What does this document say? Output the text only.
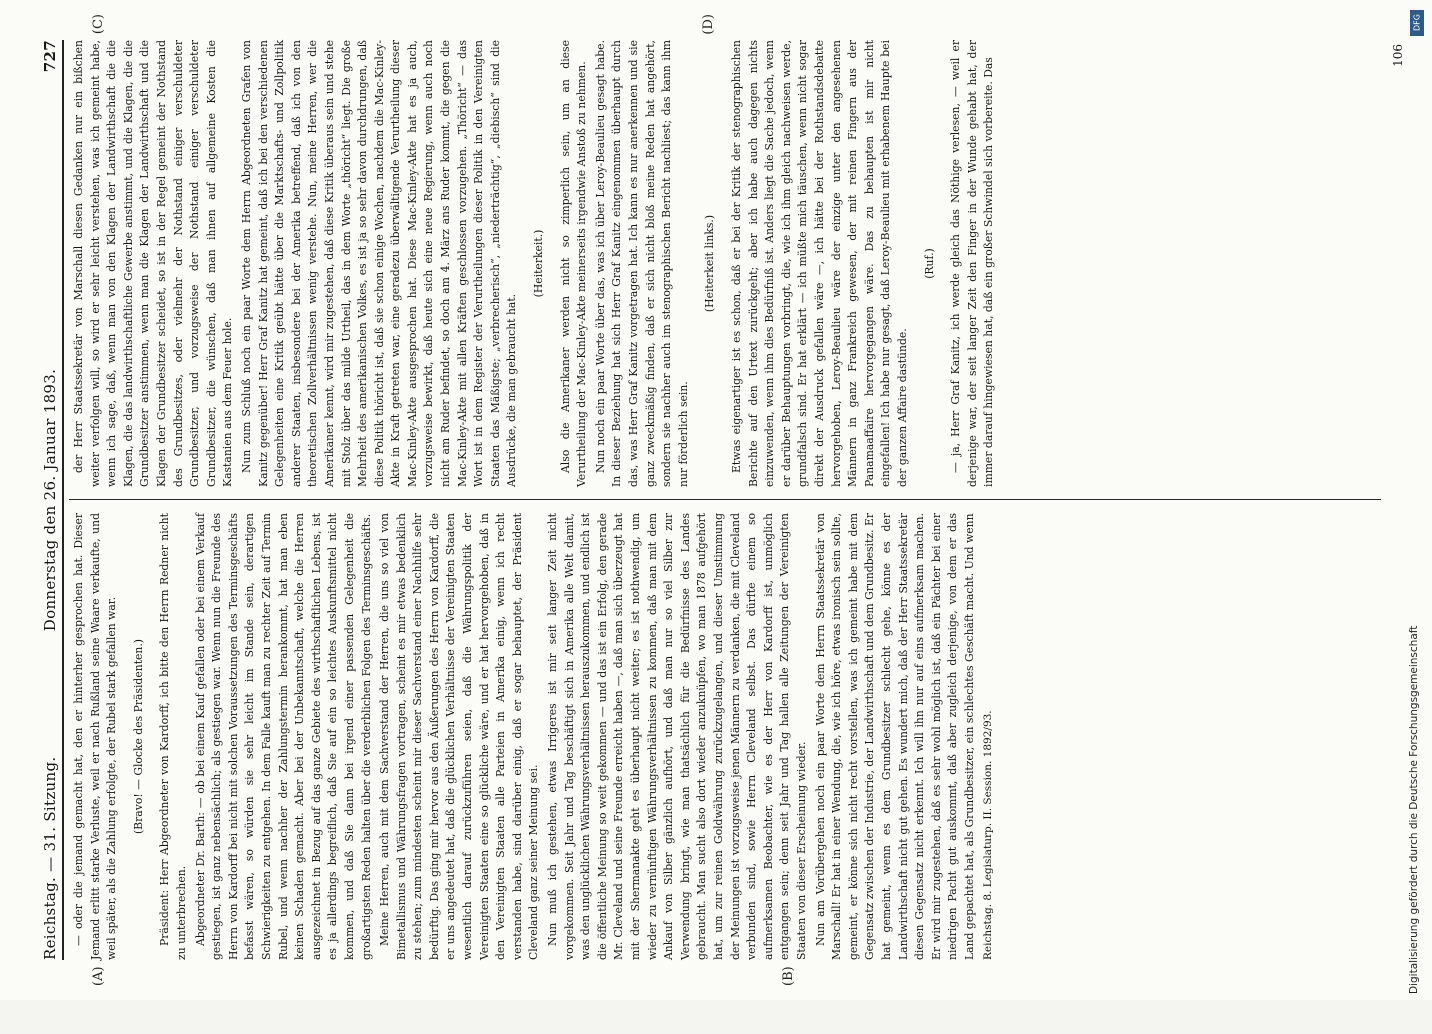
DFG
Digitalisierung gefördert durch die Deutsche Forschungsgemeinschaft
Reichstag. — 31. Sitzung.
Donnerstag den 26. Januar 1893.
727
(A)	(B)
(C)	(D)

— oder die jemand gemacht hat, den er hinterher gesprochen hat. Dieser Jemand erlitt starke Verluste, weil er nach Rußland seine Waare verkaufte, und weil später, als die Zahlung erfolgte, der Rubel stark gefallen war. (Bravo! — Glocke des Präsidenten.) Präsident: Herr Abgeordneter von Kardorff, ich bitte den Herrn Redner nicht zu unterbrechen. Abgeordneter Dr. Barth: — ob bei einem Kauf gefallen oder bei einem Verkauf gestiegen, ist ganz nebensächlich; als gestiegen war. Wenn nun die Freunde des Herrn von Kardorff bei nicht mit solchen Voraussetzungen des Terminsgeschäfts befasst wären, so würden sie sehr leicht im Stande sein, derartigen Schwierigkeiten zu entgehen. In dem Falle kauft man zu rechter Zeit auf Termin Rubel, und wenn nachher der Zahlungstermin herankommt, hat man eben keinen Schaden gemacht. Aber bei der Unbekanntschaft, welche die Herren ausgezeichnet in Bezug auf das ganze Gebiete des wirthschaftlichen Lebens, ist es ja allerdings begreiflich, daß Sie auf ein so leichtes Auskunftsmittel nicht kommen, und daß Sie dann bei irgend einer passenden Gelegenheit die großartigsten Reden halten über die verderblichen Folgen des Terminsgeschäfts. Meine Herren, auch mit dem Sachverstand der Herren, die uns so viel von Bimetallismus und Währungsfragen vortragen, scheint es mir etwas bedenklich zu stehen; zum mindesten scheint mir dieser Sachverstand einer Nachhilfe sehr bedürftig. Das ging mir hervor aus den Äußerungen des Herrn von Kardorff, die er uns angedeutet hat, daß die glücklichen Verhältnisse der Vereinigten Staaten wesentlich darauf zurückzuführen seien, daß die Währungspolitik der Vereinigten Staaten eine so glückliche wäre, und er hat hervorgehoben, daß in den Vereinigten Staaten alle Parteien in Amerika einig, wenn ich recht verstanden habe, sind darüber einig, daß er sogar behauptet, der Präsident Cleveland ganz seiner Meinung sei. Nun muß ich gestehen, etwas Irrigeres ist mir seit langer Zeit nicht vorgekommen. Seit Jahr und Tag beschäftigt sich in Amerika alle Welt damit, was den unglücklichen Währungsverhältnissen herauszukommen, und endlich ist die öffentliche Meinung so weit gekommen — und das ist ein Erfolg, den gerade Mr. Cleveland und seine Freunde erreicht haben —, daß man sich überzeugt hat mit der Shermanakte geht es überhaupt nicht weiter; es ist nothwendig, um wieder zu vernünftigen Währungsverhältnissen zu kommen, daß man mit dem Ankauf von Silber gänzlich aufhört, und daß man nur so viel Silber zur Verwendung bringt, wie man thatsächlich für die Bedürfnisse des Landes gebraucht. Man sucht also dort wieder anzuknüpfen, wo man 1878 aufgehört hat, um zur reinen Goldwährung zurückzugelangen, und dieser Umstimmung der Meinungen ist vorzugsweise jenen Männern zu verdanken, die mit Cleveland verbunden sind, sowie Herrn Cleveland selbst. Das dürfte einem so aufmerksamen Beobachter, wie es der Herr von Kardorff ist, unmöglich entgangen sein; denn seit Jahr und Tag hallen alle Zeitungen der Vereinigten Staaten von dieser Erscheinung wieder. Nun am Vorübergehen noch ein paar Worte dem Herrn Staatssekretär von Marschall! Er hat in einer Wendung, die, wie ich höre, etwas ironisch sein sollte, gemeint, er könne sich nicht recht vorstellen, was ich gemeint habe mit dem Gegensatz zwischen der Industrie, der Landwirthschaft und dem Grundbesitz. Er hat gemeint, wenn es dem Grundbesitzer schlecht gehe, könne es der Landwirthschaft nicht gut gehen. Es wundert mich, daß der Herr Staatssekretär diesen Gegensatz nicht erkennt. Ich will ihn nur auf eins aufmerksam machen. Er wird mir zugestehen, daß es sehr wohl möglich ist, daß ein Pächter bei einer niedrigen Pacht gut auskommt, daß aber zugleich derjenige, von dem er das Land gepachtet hat, als Grundbesitzer, ein schlechtes Geschäft macht. Und wenn Reichstag. 8. Legislaturp. II. Session. 1892/93.

der Herr Staatssekretär von Marschall diesen Gedanken nur ein bißchen weiter verfolgen will, so wird er sehr leicht verstehen, was ich gemeint habe, wenn ich sage, daß, wenn man von den Klagen der Landwirthschaft die die Klagen, die das landwirthschaftliche Gewerbe anstimmt, und die Klagen, die die Grundbesitzer anstimmen, wenn man die Klagen der Landwirthschaft und die Klagen der Grundbesitzer scheidet, so ist in der Regel gemeint der Nothstand des Grundbesitzes, oder vielmehr der Nothstand einiger verschuldeter Grundbesitzer, und vorzugsweise der Nothstand einiger verschuldeter Grundbesitzer, die wünschen, daß man ihnen auf allgemeine Kosten die Kastanien aus dem Feuer hole. Nun zum Schluß noch ein paar Worte dem Herrn Abgeordneten Grafen von Kanitz gegenüber! Herr Graf Kanitz hat gemeint, daß ich bei den verschiedenen Gelegenheiten eine Kritik geübt hätte über die Marktschafts- und Zollpolitik anderer Staaten, insbesondere bei der Amerika betreffend, daß ich von den theoretischen Zollverhältnissen wenig verstehe. Nun, meine Herren, wer die Amerikaner kennt, wird mir zugestehen, daß diese Kritik überaus sein und stehe mit Stolz über das milde Urtheil, das in dem Worte „thöricht“ liegt. Die große Mehrheit des amerikanischen Volkes, es ist ja so sehr davon durchdrungen, daß diese Politik thöricht ist, daß sie schon einige Wochen, nachdem die Mac-Kinley-Akte in Kraft getreten war, eine geradezu überwältigende Verurtheilung dieser Mac-Kinley-Akte ausgesprochen hat. Diese Mac-Kinley-Akte hat es ja auch, vorzugsweise bewirkt, daß heute sich eine neue Regierung, wenn auch noch nicht am Ruder befindet, so doch am 4. März ans Ruder kommt, die gegen die Mac-Kinley-Akte mit allen Kräften geschlossen vorzugehen. „Thöricht“ — das Wort ist in dem Register der Verurtheilungen dieser Politik in den Vereinigten Staaten das Mäßigste; „verbrecherisch“, „niederträchtig“, „diebisch“ sind die Ausdrücke, die man gebraucht hat.

(Heiterkeit.) Also die Amerikaner werden nicht so zimperlich sein, um an diese Verurtheilung der Mac-Kinley-Akte meinerseits irgendwie Anstoß zu nehmen. Nun noch ein paar Worte über das, was ich über Leroy-Beaulieu gesagt habe. In dieser Beziehung hat sich Herr Graf Kanitz eingenommen überhaupt durch das, was Herr Graf Kanitz vorgetragen hat. Ich kann es nur anerkennen und sie ganz zweckmäßig finden, daß er sich nicht bloß meine Reden hat angehört, sondern sie nachher auch im stenographischen Bericht nachliest; das kann ihm nur förderlich sein.

(Heiterkeit links.) Etwas eigenartiger ist es schon, daß er bei der Kritik der stenographischen Berichte auf den Urtext zurückgeht; aber ich habe auch dagegen nichts einzuwenden, wenn ihm dies Bedürfniß ist. Anders liegt die Sache jedoch, wenn er darüber Behauptungen vorbringt, die, wie ich ihm gleich nachweisen werde, grundfalsch sind. Er hat erklärt — ich müßte mich täuschen, wenn nicht sogar direkt der Ausdruck gefallen wäre —, ich hätte bei der Rothstandsdebatte hervorgehoben, Leroy-Beaulieu wäre der einzige unter den angesehenen Männern in ganz Frankreich gewesen, der mit reinen Fingern aus der Panamaaffaire hervorgegangen wäre. Das zu behaupten ist mir nicht eingefallen! Ich habe nur gesagt, daß Leroy-Beaulieu mit erhabenem Haupte bei der ganzen Affaire dastünde.

(Ruf.) — ja, Herr Graf Kanitz, ich werde gleich das Nöthige verlesen, — weil er derjenige war, der seit langer Zeit den Finger in der Wunde gehabt hat, der immer darauf hingewiesen hat, daß ein großer Schwindel sich vorbereite. Das

106
